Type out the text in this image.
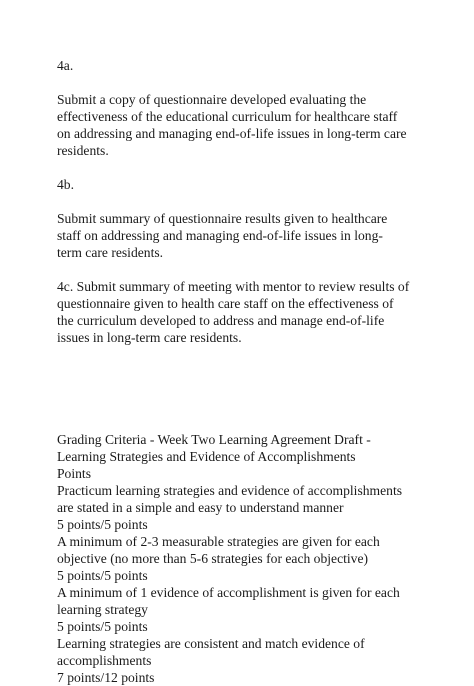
4a.
Submit a copy of questionnaire developed evaluating the
effectiveness of the educational curriculum for healthcare staff
on addressing and managing end-of-life issues in long-term care
residents.
4b.
Submit summary of questionnaire results given to healthcare
staff on addressing and managing end-of-life issues in long-
term care residents.
4c. Submit summary of meeting with mentor to review results of
questionnaire given to health care staff on the effectiveness of
the curriculum developed to address and manage end-of-life
issues in long-term care residents.
Grading Criteria - Week Two Learning Agreement Draft -
Learning Strategies and Evidence of Accomplishments
Points
Practicum learning strategies and evidence of accomplishments
are stated in a simple and easy to understand manner
5 points/5 points
A minimum of 2-3 measurable strategies are given for each
objective (no more than 5-6 strategies for each objective)
5 points/5 points
A minimum of 1 evidence of accomplishment is given for each
learning strategy
5 points/5 points
Learning strategies are consistent and match evidence of
accomplishments
7 points/12 points
